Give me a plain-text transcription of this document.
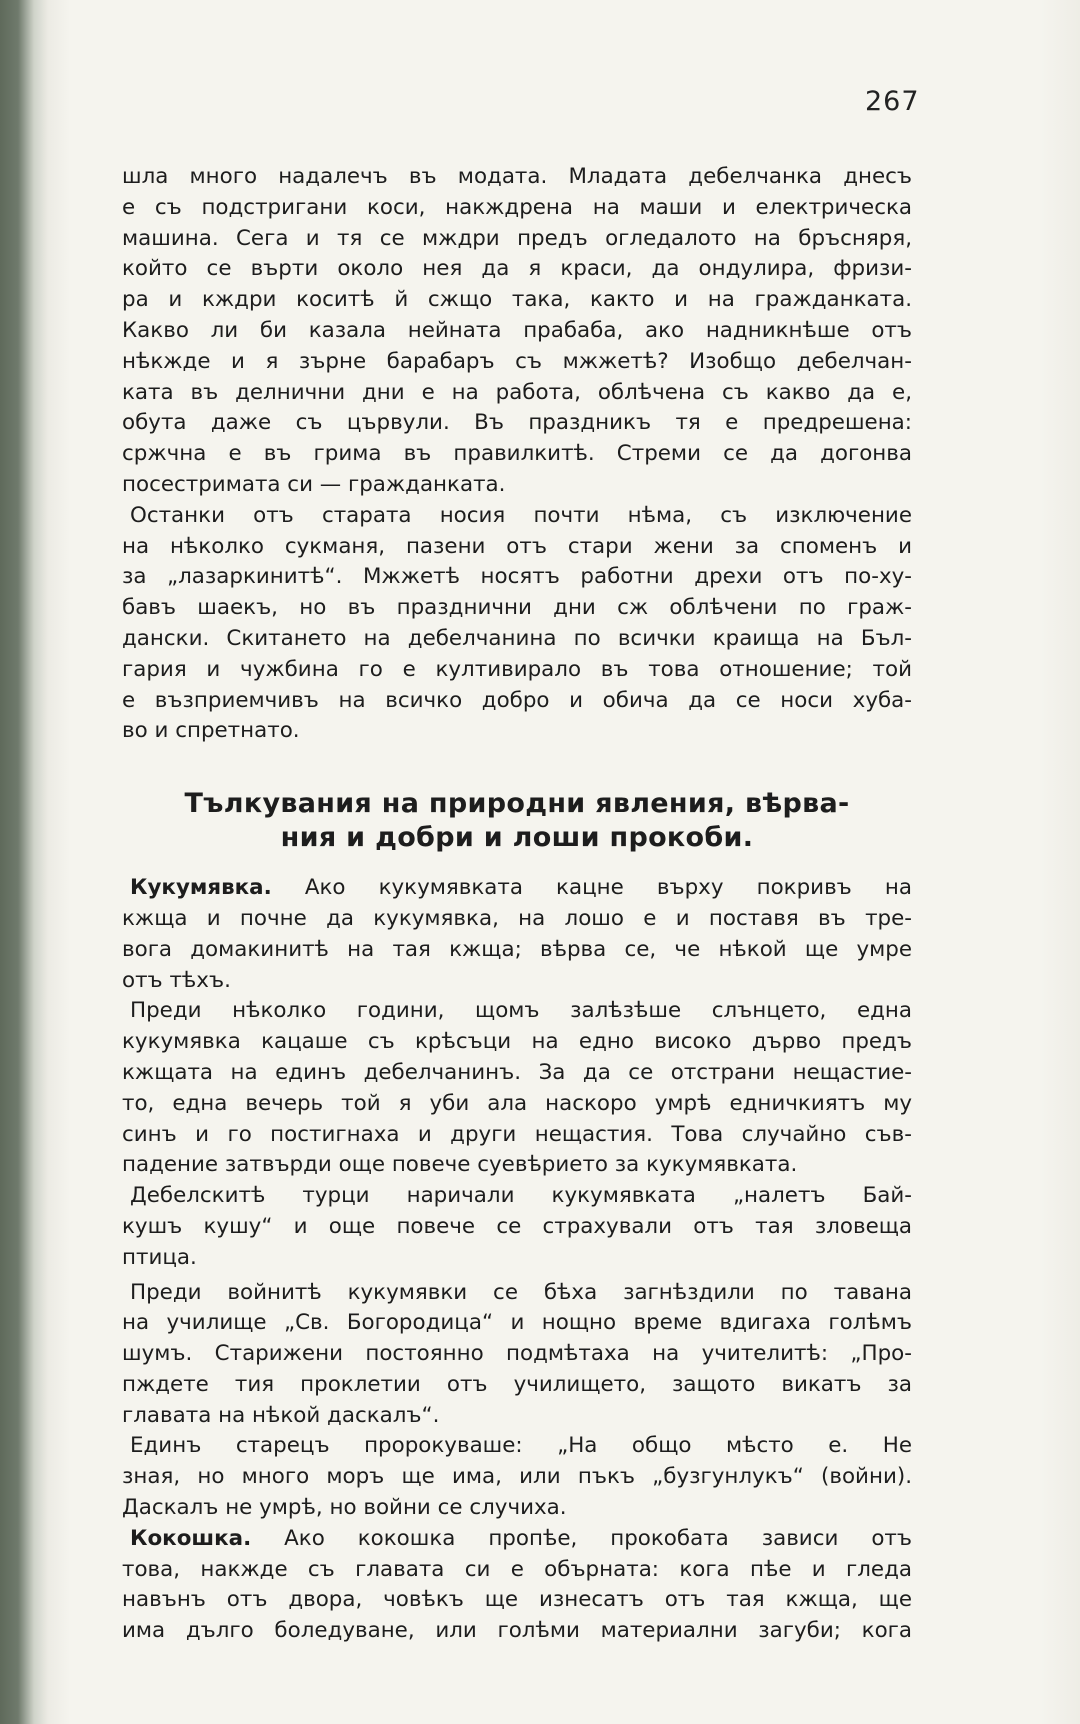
267
шла много надалечъ въ модата. Младата дебелчанка днесъ
е съ подстригани коси, накждрена на маши и електрическа
машина. Сега и тя се мждри предъ огледалото на бръсняря,
който се върти около нея да я краси, да ондулира, фризи-
ра и кждри коситѣ й сжщо така, както и на гражданката.
Какво ли би казала нейната прабаба, ако надникнѣше отъ
нѣкжде и я зърне барабаръ съ мжжетѣ? Изобщо дебелчан-
ката въ делнични дни е на работа, облѣчена съ какво да е,
обута даже съ цървули. Въ праздникъ тя е предрешена:
сржчна е въ грима въ правилкитѣ. Стреми се да догонва
посестримата си — гражданката.
Останки отъ старата носия почти нѣма, съ изключение
на нѣколко сукманя, пазени отъ стари жени за споменъ и
за „лазаркинитѣ“. Мжжетѣ носятъ работни дрехи отъ по-ху-
бавъ шаекъ, но въ празднични дни сж облѣчени по граж-
дански. Скитането на дебелчанина по всички краища на Бъл-
гария и чужбина го е култивирало въ това отношение; той
е възприемчивъ на всичко добро и обича да се носи хуба-
во и спретнато.
Тълкувания на природни явления, вѣрва-
ния и добри и лоши прокоби.
Кукумявка. Ако кукумявката кацне върху покривъ на
кжща и почне да кукумявка, на лошо е и поставя въ тре-
вога домакинитѣ на тая кжща; вѣрва се, че нѣкой ще умре
отъ тѣхъ.
Преди нѣколко години, щомъ залѣзѣше слънцето, една
кукумявка кацаше съ крѣсъци на едно високо дърво предъ
кжщата на единъ дебелчанинъ. За да се отстрани нещастие-
то, една вечерь той я уби ала наскоро умрѣ едничкиятъ му
синъ и го постигнаха и други нещастия. Това случайно съв-
падение затвърди още повече суевѣрието за кукумявката.
Дебелскитѣ турци наричали кукумявката „налетъ Бай-
кушъ кушу“ и още повече се страхували отъ тая зловеща
птица.
Преди войнитѣ кукумявки се бѣха загнѣздили по тавана
на училище „Св. Богородица“ и нощно време вдигаха голѣмъ
шумъ. Старижени постоянно подмѣтаха на учителитѣ: „Про-
пждете тия проклетии отъ училището, защото викатъ за
главата на нѣкой даскалъ“.
Единъ старецъ пророкуваше: „На общо мѣсто е. Не
зная, но много моръ ще има, или пъкъ „бузгунлукъ“ (войни).
Даскалъ не умрѣ, но войни се случиха.
Кокошка. Ако кокошка пропѣе, прокобата зависи отъ
това, накжде съ главата си е обърната: кога пѣе и гледа
навънъ отъ двора, човѣкъ ще изнесатъ отъ тая кжща, ще
има дълго боледуване, или голѣми материални загуби; кога
